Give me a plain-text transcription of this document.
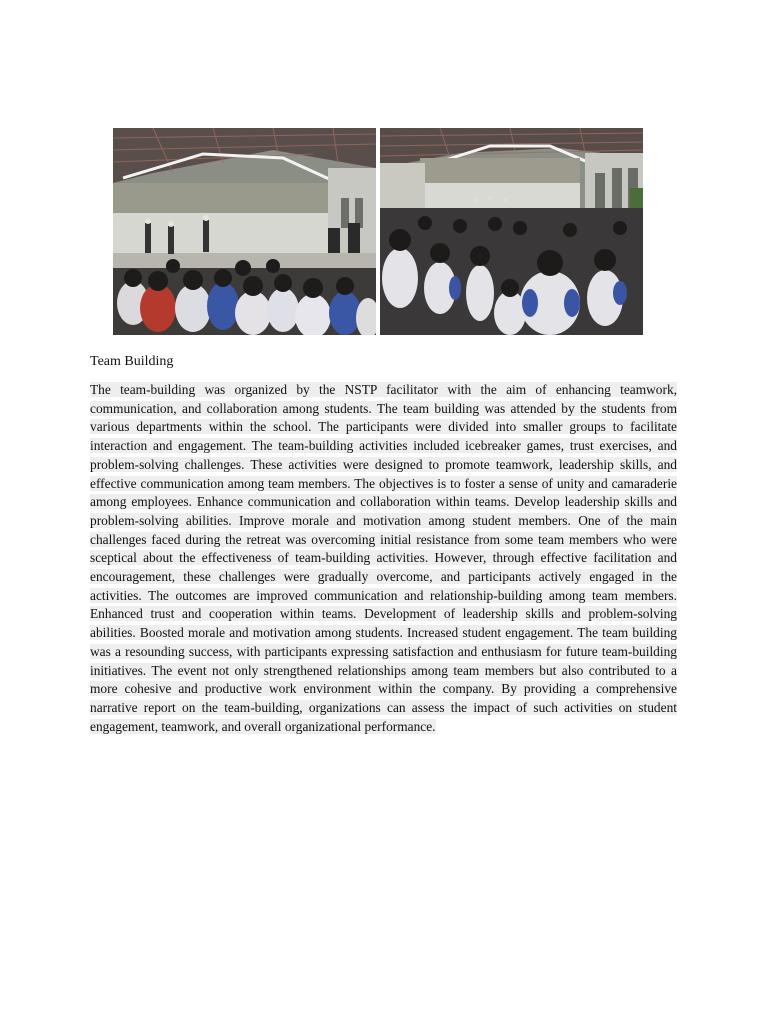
Team Building

The team-building was organized by the NSTP facilitator with the aim of enhancing teamwork, communication, and collaboration among students. The team building was attended by the students from various departments within the school. The participants were divided into smaller groups to facilitate interaction and engagement. The team-building activities included icebreaker games, trust exercises, and problem-solving challenges. These activities were designed to promote teamwork, leadership skills, and effective communication among team members. The objectives is to foster a sense of unity and camaraderie among employees. Enhance communication and collaboration within teams. Develop leadership skills and problem-solving abilities. Improve morale and motivation among student members. One of the main challenges faced during the retreat was overcoming initial resistance from some team members who were sceptical about the effectiveness of team-building activities. However, through effective facilitation and encouragement, these challenges were gradually overcome, and participants actively engaged in the activities. The outcomes are improved communication and relationship-building among team members. Enhanced trust and cooperation within teams. Development of leadership skills and problem-solving abilities. Boosted morale and motivation among students. Increased student engagement. The team building was a resounding success, with participants expressing satisfaction and enthusiasm for future team-building initiatives. The event not only strengthened relationships among team members but also contributed to a more cohesive and productive work environment within the company. By providing a comprehensive narrative report on the team-building, organizations can assess the impact of such activities on student engagement, teamwork, and overall organizational performance.
